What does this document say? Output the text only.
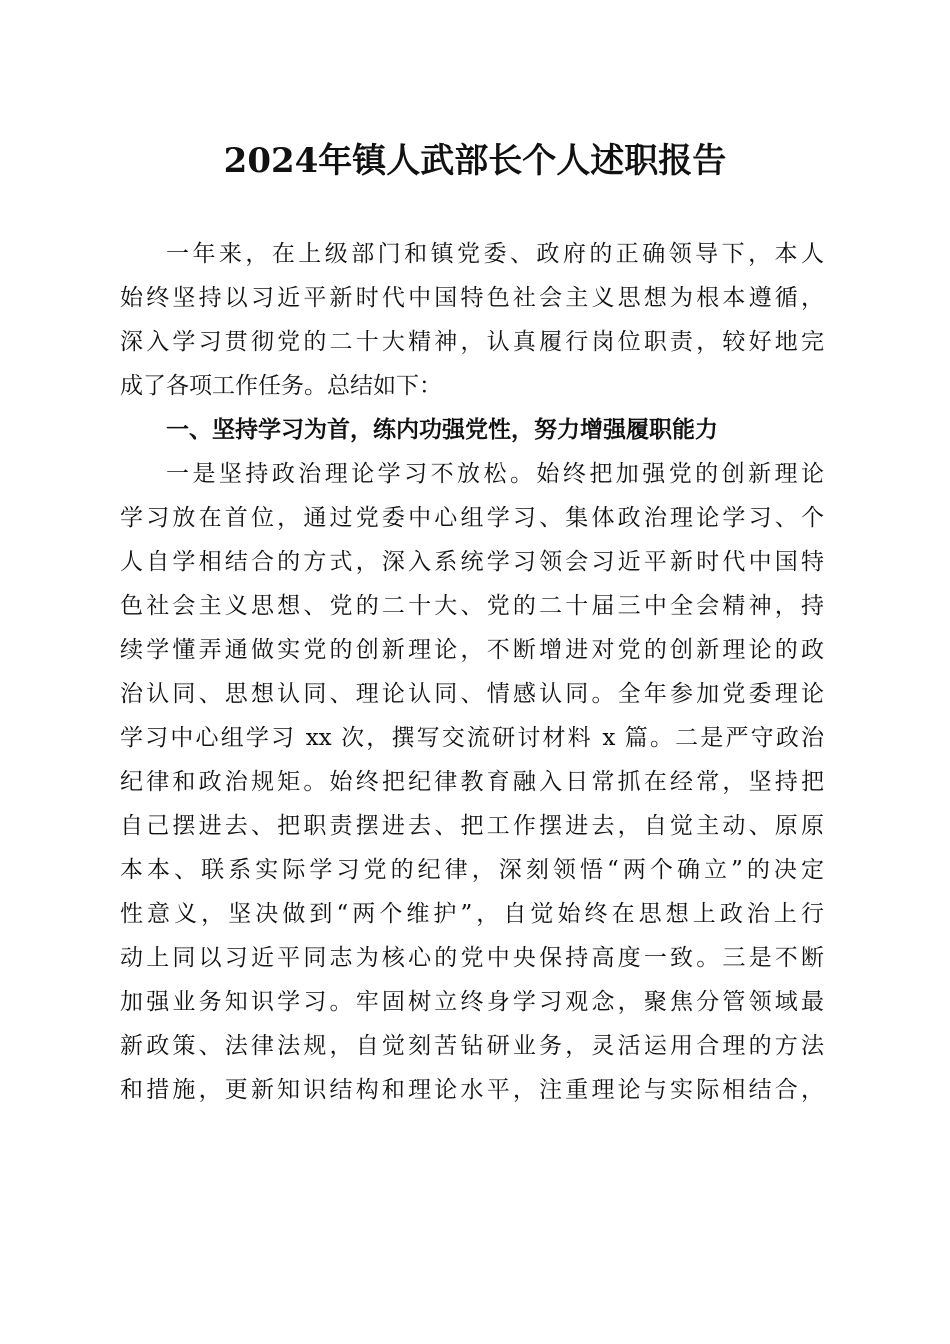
2024年镇人武部长个人述职报告
一年来，在上级部门和镇党委、政府的正确领导下，本人
始终坚持以习近平新时代中国特色社会主义思想为根本遵循，
深入学习贯彻党的二十大精神，认真履行岗位职责，较好地完
成了各项工作任务。总结如下：
一、坚持学习为首，练内功强党性，努力增强履职能力
一是坚持政治理论学习不放松。始终把加强党的创新理论
学习放在首位，通过党委中心组学习、集体政治理论学习、个
人自学相结合的方式，深入系统学习领会习近平新时代中国特
色社会主义思想、党的二十大、党的二十届三中全会精神，持
续学懂弄通做实党的创新理论，不断增进对党的创新理论的政
治认同、思想认同、理论认同、情感认同。全年参加党委理论
学习中心组学习 xx 次，撰写交流研讨材料 x 篇。二是严守政治
纪律和政治规矩。始终把纪律教育融入日常抓在经常，坚持把
自己摆进去、把职责摆进去、把工作摆进去，自觉主动、原原
本本、联系实际学习党的纪律，深刻领悟“两个确立”的决定
性意义，坚决做到“两个维护”，自觉始终在思想上政治上行
动上同以习近平同志为核心的党中央保持高度一致。三是不断
加强业务知识学习。牢固树立终身学习观念，聚焦分管领域最
新政策、法律法规，自觉刻苦钻研业务，灵活运用合理的方法
和措施，更新知识结构和理论水平，注重理论与实际相结合，
